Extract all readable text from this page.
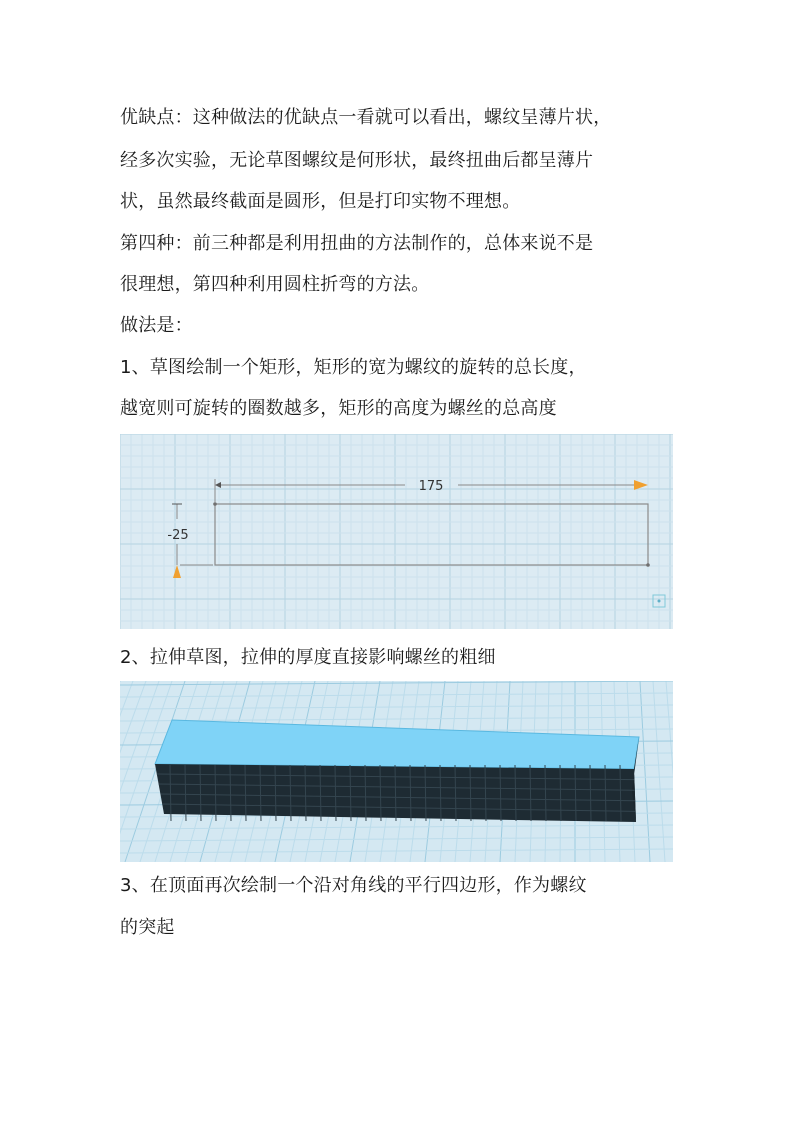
优缺点：这种做法的优缺点一看就可以看出，螺纹呈薄片状，

经多次实验，无论草图螺纹是何形状，最终扭曲后都呈薄片

状，虽然最终截面是圆形，但是打印实物不理想。

第四种：前三种都是利用扭曲的方法制作的，总体来说不是

很理想，第四种利用圆柱折弯的方法。

做法是：

1、草图绘制一个矩形，矩形的宽为螺纹的旋转的总长度，

越宽则可旋转的圈数越多，矩形的高度为螺丝的总高度

175
-25

2、拉伸草图，拉伸的厚度直接影响螺丝的粗细

3、在顶面再次绘制一个沿对角线的平行四边形，作为螺纹

的突起
